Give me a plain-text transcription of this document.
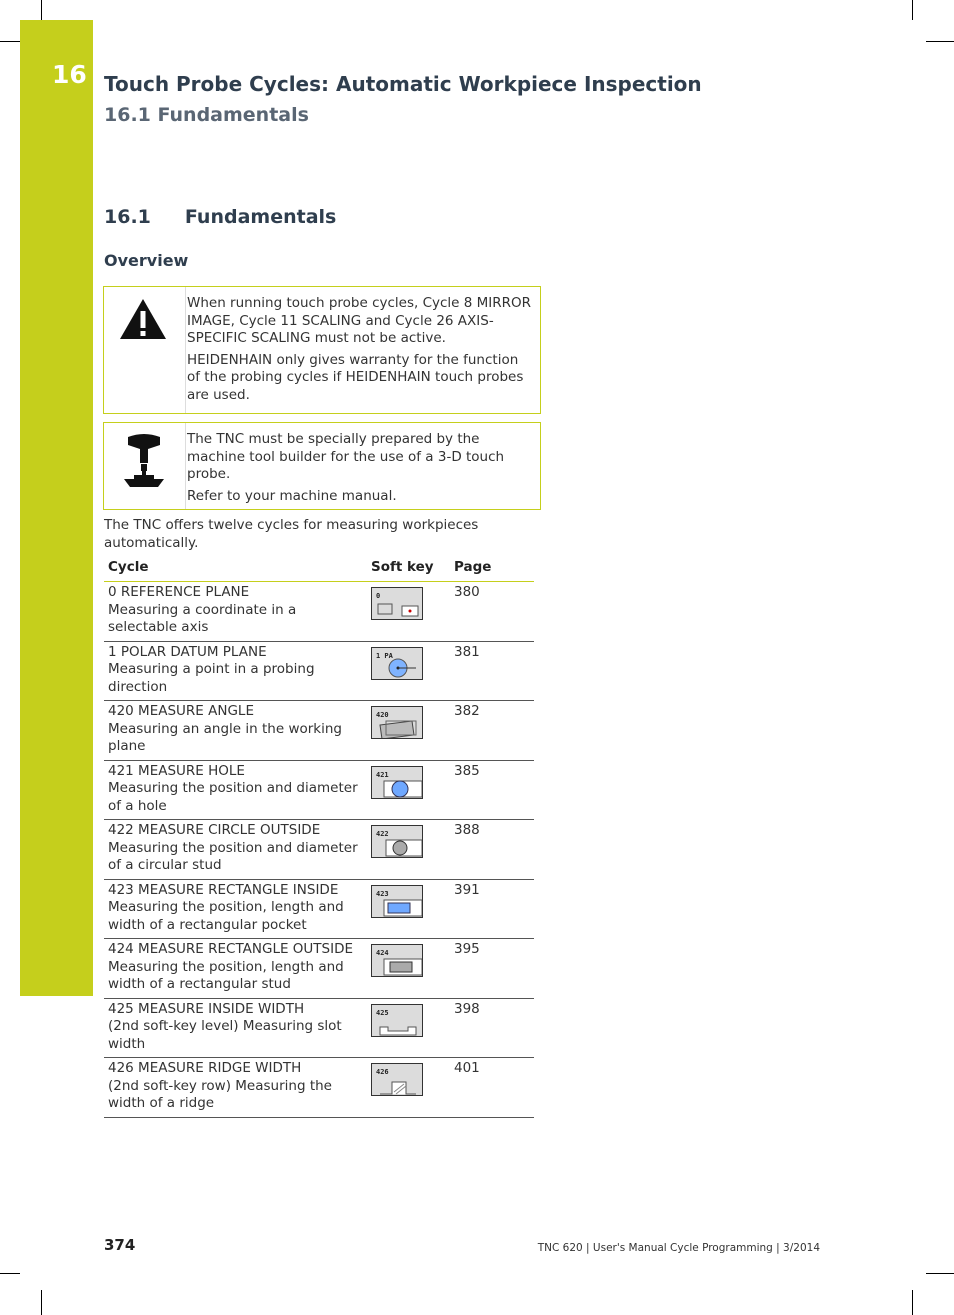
16 Touch Probe Cycles: Automatic Workpiece Inspection
16.1 Fundamentals
16.1 Fundamentals
Overview

When running touch probe cycles, Cycle 8 MIRROR IMAGE, Cycle 11 SCALING and Cycle 26 AXIS-SPECIFIC SCALING must not be active.

HEIDENHAIN only gives warranty for the function of the probing cycles if HEIDENHAIN touch probes are used.

The TNC must be specially prepared by the machine tool builder for the use of a 3-D touch probe.

Refer to your machine manual.

The TNC offers twelve cycles for measuring workpieces automatically.
Cycle	Soft key	Page

0 REFERENCE PLANE
Measuring a coordinate in a selectable axis	0	380

1 POLAR DATUM PLANE
Measuring a point in a probing direction	1 PA	381

420 MEASURE ANGLE
Measuring an angle in the working plane	420	382

421 MEASURE HOLE
Measuring the position and diameter of a hole	421	385

422 MEASURE CIRCLE OUTSIDE
Measuring the position and diameter of a circular stud	422	388

423 MEASURE RECTANGLE INSIDE
Measuring the position, length and width of a rectangular pocket	423	391

424 MEASURE RECTANGLE OUTSIDE
Measuring the position, length and width of a rectangular stud	424	395

425 MEASURE INSIDE WIDTH
(2nd soft-key level) Measuring slot width	425	398

426 MEASURE RIDGE WIDTH
(2nd soft-key row) Measuring the width of a ridge	426	401
374	TNC 620 | User's Manual Cycle Programming | 3/2014
